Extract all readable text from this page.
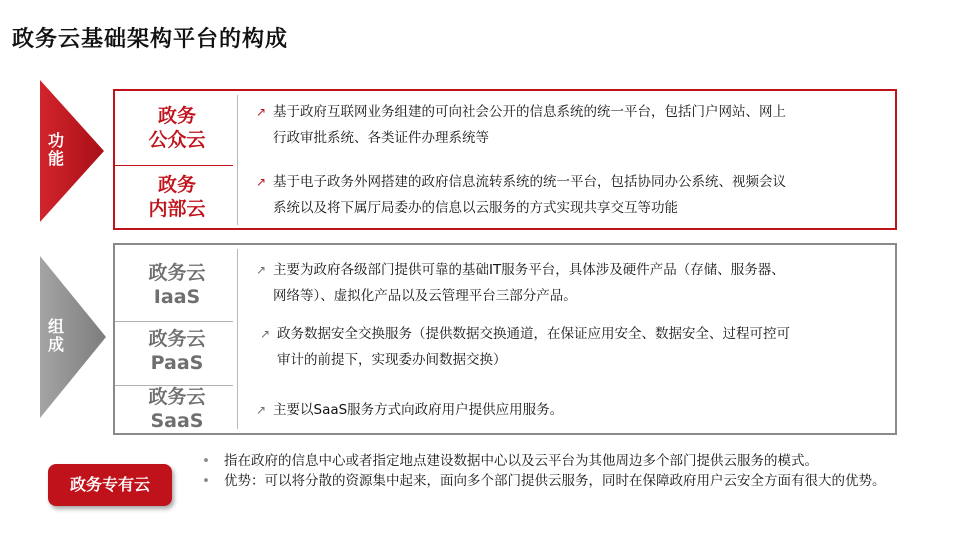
政务云基础架构平台的构成
功
能
组
成
政务
公众云
↗ 基于政府互联网业务组建的可向社会公开的信息系统的统一平台，包括门户网站、网上
行政审批系统、各类证件办理系统等
政务
内部云
↗ 基于电子政务外网搭建的政府信息流转系统的统一平台，包括协同办公系统、视频会议
系统以及将下属厅局委办的信息以云服务的方式实现共享交互等功能
政务云
IaaS
↗ 主要为政府各级部门提供可靠的基础IT服务平台，具体涉及硬件产品（存储、服务器、
网络等）、虚拟化产品以及云管理平台三部分产品。
政务云
PaaS
↗ 政务数据安全交换服务（提供数据交换通道，在保证应用安全、数据安全、过程可控可
审计的前提下，实现委办间数据交换）
政务云
SaaS	↗ 主要以SaaS服务方式向政府用户提供应用服务。
政务专有云
• 指在政府的信息中心或者指定地点建设数据中心以及云平台为其他周边多个部门提供云服务的模式。
• 优势：可以将分散的资源集中起来，面向多个部门提供云服务，同时在保障政府用户云安全方面有很大的优势。
